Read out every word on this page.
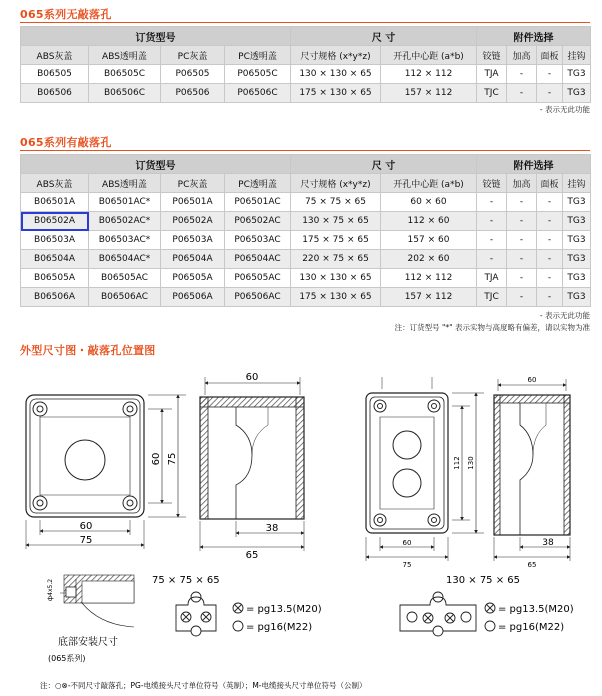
065系列无敲落孔
订货型号				尺 寸		附件选择			
ABS灰盖	ABS透明盖	PC灰盖	PC透明盖	尺寸规格 (x*y*z)	开孔中心距 (a*b)	铰链	加高	面板	挂钩
B06505	B06505C	P06505	P06505C	130 × 130 × 65	112 × 112	TJA	-	-	TG3
B06506	B06506C	P06506	P06506C	175 × 130 × 65	157 × 112	TJC	-	-	TG3
- 表示无此功能
065系列有敲落孔
订货型号				尺 寸		附件选择			
ABS灰盖	ABS透明盖	PC灰盖	PC透明盖	尺寸规格 (x*y*z)	开孔中心距 (a*b)	铰链	加高	面板	挂钩
B06501A	B06501AC*	P06501A	P06501AC	75 × 75 × 65	60 × 60	-	-	-	TG3
B06502A	B06502AC*	P06502A	P06502AC	130 × 75 × 65	112 × 60	-	-	-	TG3
B06503A	B06503AC*	P06503A	P06503AC	175 × 75 × 65	157 × 60	-	-	-	TG3
B06504A	B06504AC*	P06504A	P06504AC	220 × 75 × 65	202 × 60	-	-	-	TG3
B06505A	B06505AC	P06505A	P06505AC	130 × 130 × 65	112 × 112	TJA	-	-	TG3
B06506A	B06506AC	P06506A	P06506AC	175 × 130 × 65	157 × 112	TJC	-	-	TG3
- 表示无此功能
注：订货型号 "*" 表示实物与高度略有偏差，请以实物为准
外型尺寸图・敲落孔位置图
60
75
60 75
60
38
65
60
75
112 130
60
38
65
ф4x5.2
底部安装尺寸
(065系列)
75 × 75 × 65
= pg13.5(M20)
= pg16(M22)
130 × 75 × 65
= pg13.5(M20)
= pg16(M22)
注：○⊗-不同尺寸敲落孔；PG-电缆接头尺寸单位符号（英制）；M-电缆接头尺寸单位符号（公制）
